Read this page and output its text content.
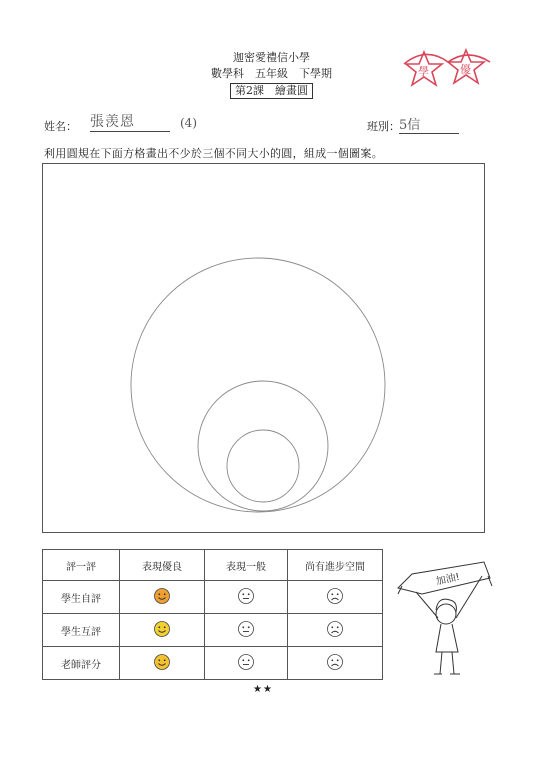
迦密愛禮信小學
數學科　五年級　下學期
第2課　繪畫圓
學	優
姓名： 張羡恩	(4)	班別： 5信
利用圓規在下面方格畫出不少於三個不同大小的圓，組成一個圖案。
評一評	表現優良	表現一般	尚有進步空間
學生自評			
學生互評			
老師評分			
★★
加油!
